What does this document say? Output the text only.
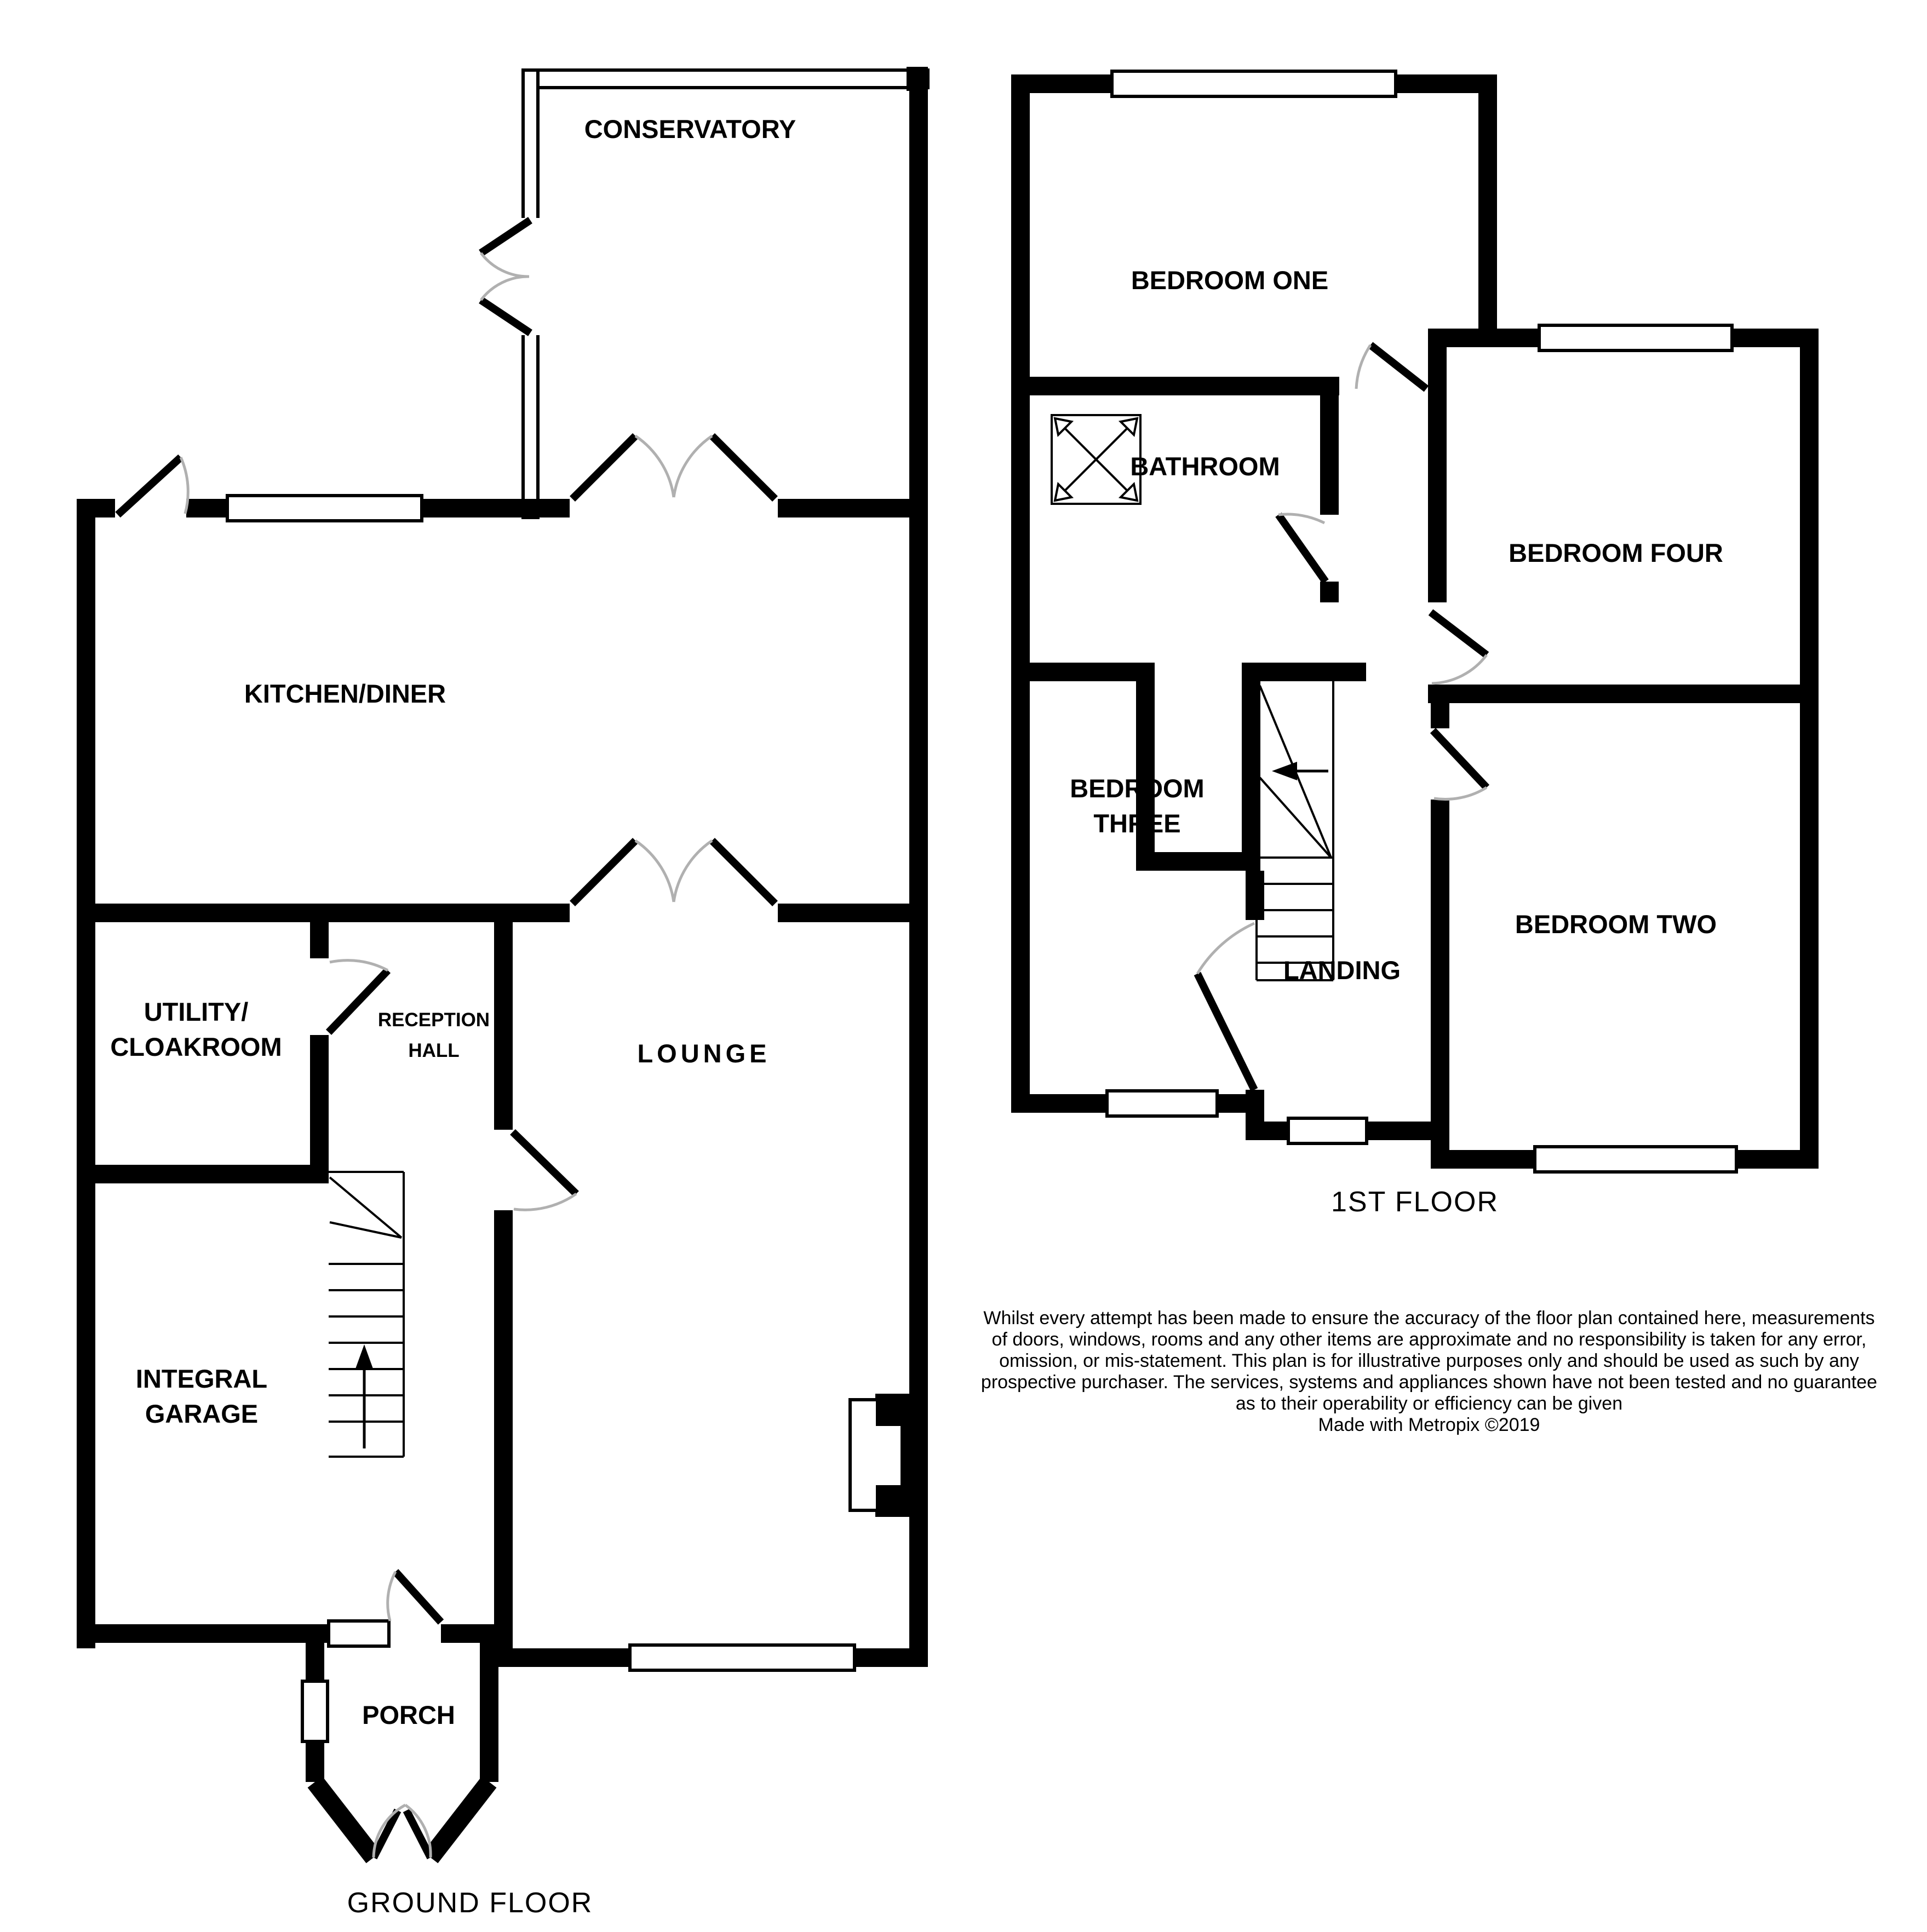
CONSERVATORY
KITCHEN/DINER
UTILITY/
CLOAKROOM
RECEPTION
HALL	LOUNGE
INTEGRAL
GARAGE
PORCH
GROUND FLOOR
BEDROOM ONE
BEDROOM FOUR
BATHROOM
BEDROOM
THREE
BEDROOM TWO
LANDING
1ST FLOOR
Whilst every attempt has been made to ensure the accuracy of the floor plan contained here, measurements
of doors, windows, rooms and any other items are approximate and no responsibility is taken for any error,
omission, or mis-statement. This plan is for illustrative purposes only and should be used as such by any
prospective purchaser. The services, systems and appliances shown have not been tested and no guarantee
as to their operability or efficiency can be given
Made with Metropix ©2019
